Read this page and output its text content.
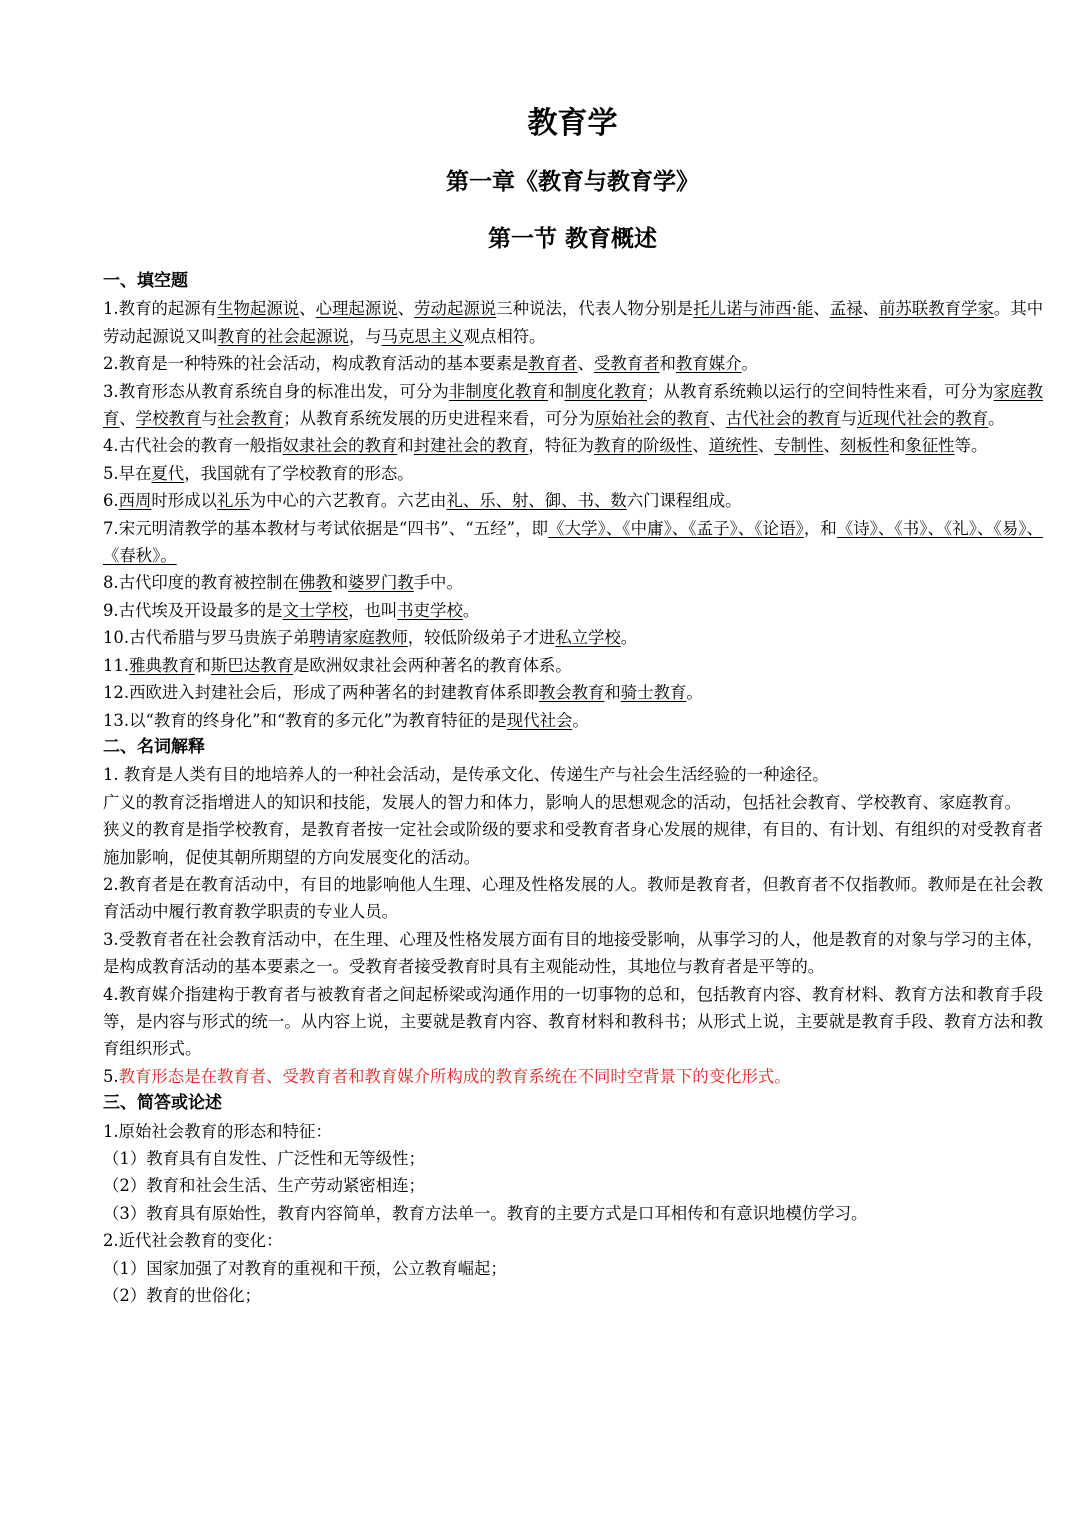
教育学
第一章《教育与教育学》
第一节 教育概述
一、填空题

1.教育的起源有生物起源说、心理起源说、劳动起源说三种说法，代表人物分别是托儿诺与沛西·能、孟禄、前苏联教育学家。其中劳动起源说又叫教育的社会起源说，与马克思主义观点相符。

2.教育是一种特殊的社会活动，构成教育活动的基本要素是教育者、受教育者和教育媒介。

3.教育形态从教育系统自身的标准出发，可分为非制度化教育和制度化教育；从教育系统赖以运行的空间特性来看，可分为家庭教育、学校教育与社会教育；从教育系统发展的历史进程来看，可分为原始社会的教育、古代社会的教育与近现代社会的教育。

4.古代社会的教育一般指奴隶社会的教育和封建社会的教育，特征为教育的阶级性、道统性、专制性、刻板性和象征性等。

5.早在夏代，我国就有了学校教育的形态。

6.西周时形成以礼乐为中心的六艺教育。六艺由礼、乐、射、御、书、数六门课程组成。

7.宋元明清教学的基本教材与考试依据是“四书”、“五经”，即《大学》、《中庸》、《孟子》、《论语》，和《诗》、《书》、《礼》、《易》、《春秋》。

8.古代印度的教育被控制在佛教和婆罗门教手中。

9.古代埃及开设最多的是文士学校，也叫书吏学校。

10.古代希腊与罗马贵族子弟聘请家庭教师，较低阶级弟子才进私立学校。

11.雅典教育和斯巴达教育是欧洲奴隶社会两种著名的教育体系。

12.西欧进入封建社会后，形成了两种著名的封建教育体系即教会教育和骑士教育。

13.以“教育的终身化”和“教育的多元化”为教育特征的是现代社会。

二、名词解释

1. 教育是人类有目的地培养人的一种社会活动，是传承文化、传递生产与社会生活经验的一种途径。

广义的教育泛指增进人的知识和技能，发展人的智力和体力，影响人的思想观念的活动，包括社会教育、学校教育、家庭教育。

狭义的教育是指学校教育，是教育者按一定社会或阶级的要求和受教育者身心发展的规律，有目的、有计划、有组织的对受教育者施加影响，促使其朝所期望的方向发展变化的活动。

2.教育者是在教育活动中，有目的地影响他人生理、心理及性格发展的人。教师是教育者，但教育者不仅指教师。教师是在社会教育活动中履行教育教学职责的专业人员。

3.受教育者在社会教育活动中，在生理、心理及性格发展方面有目的地接受影响，从事学习的人，他是教育的对象与学习的主体，是构成教育活动的基本要素之一。受教育者接受教育时具有主观能动性，其地位与教育者是平等的。

4.教育媒介指建构于教育者与被教育者之间起桥梁或沟通作用的一切事物的总和，包括教育内容、教育材料、教育方法和教育手段等，是内容与形式的统一。从内容上说，主要就是教育内容、教育材料和教科书；从形式上说，主要就是教育手段、教育方法和教育组织形式。

5.教育形态是在教育者、受教育者和教育媒介所构成的教育系统在不同时空背景下的变化形式。

三、简答或论述

1.原始社会教育的形态和特征：

（1）教育具有自发性、广泛性和无等级性；

（2）教育和社会生活、生产劳动紧密相连；

（3）教育具有原始性，教育内容简单，教育方法单一。教育的主要方式是口耳相传和有意识地模仿学习。

2.近代社会教育的变化：

（1）国家加强了对教育的重视和干预，公立教育崛起；

（2）教育的世俗化；
